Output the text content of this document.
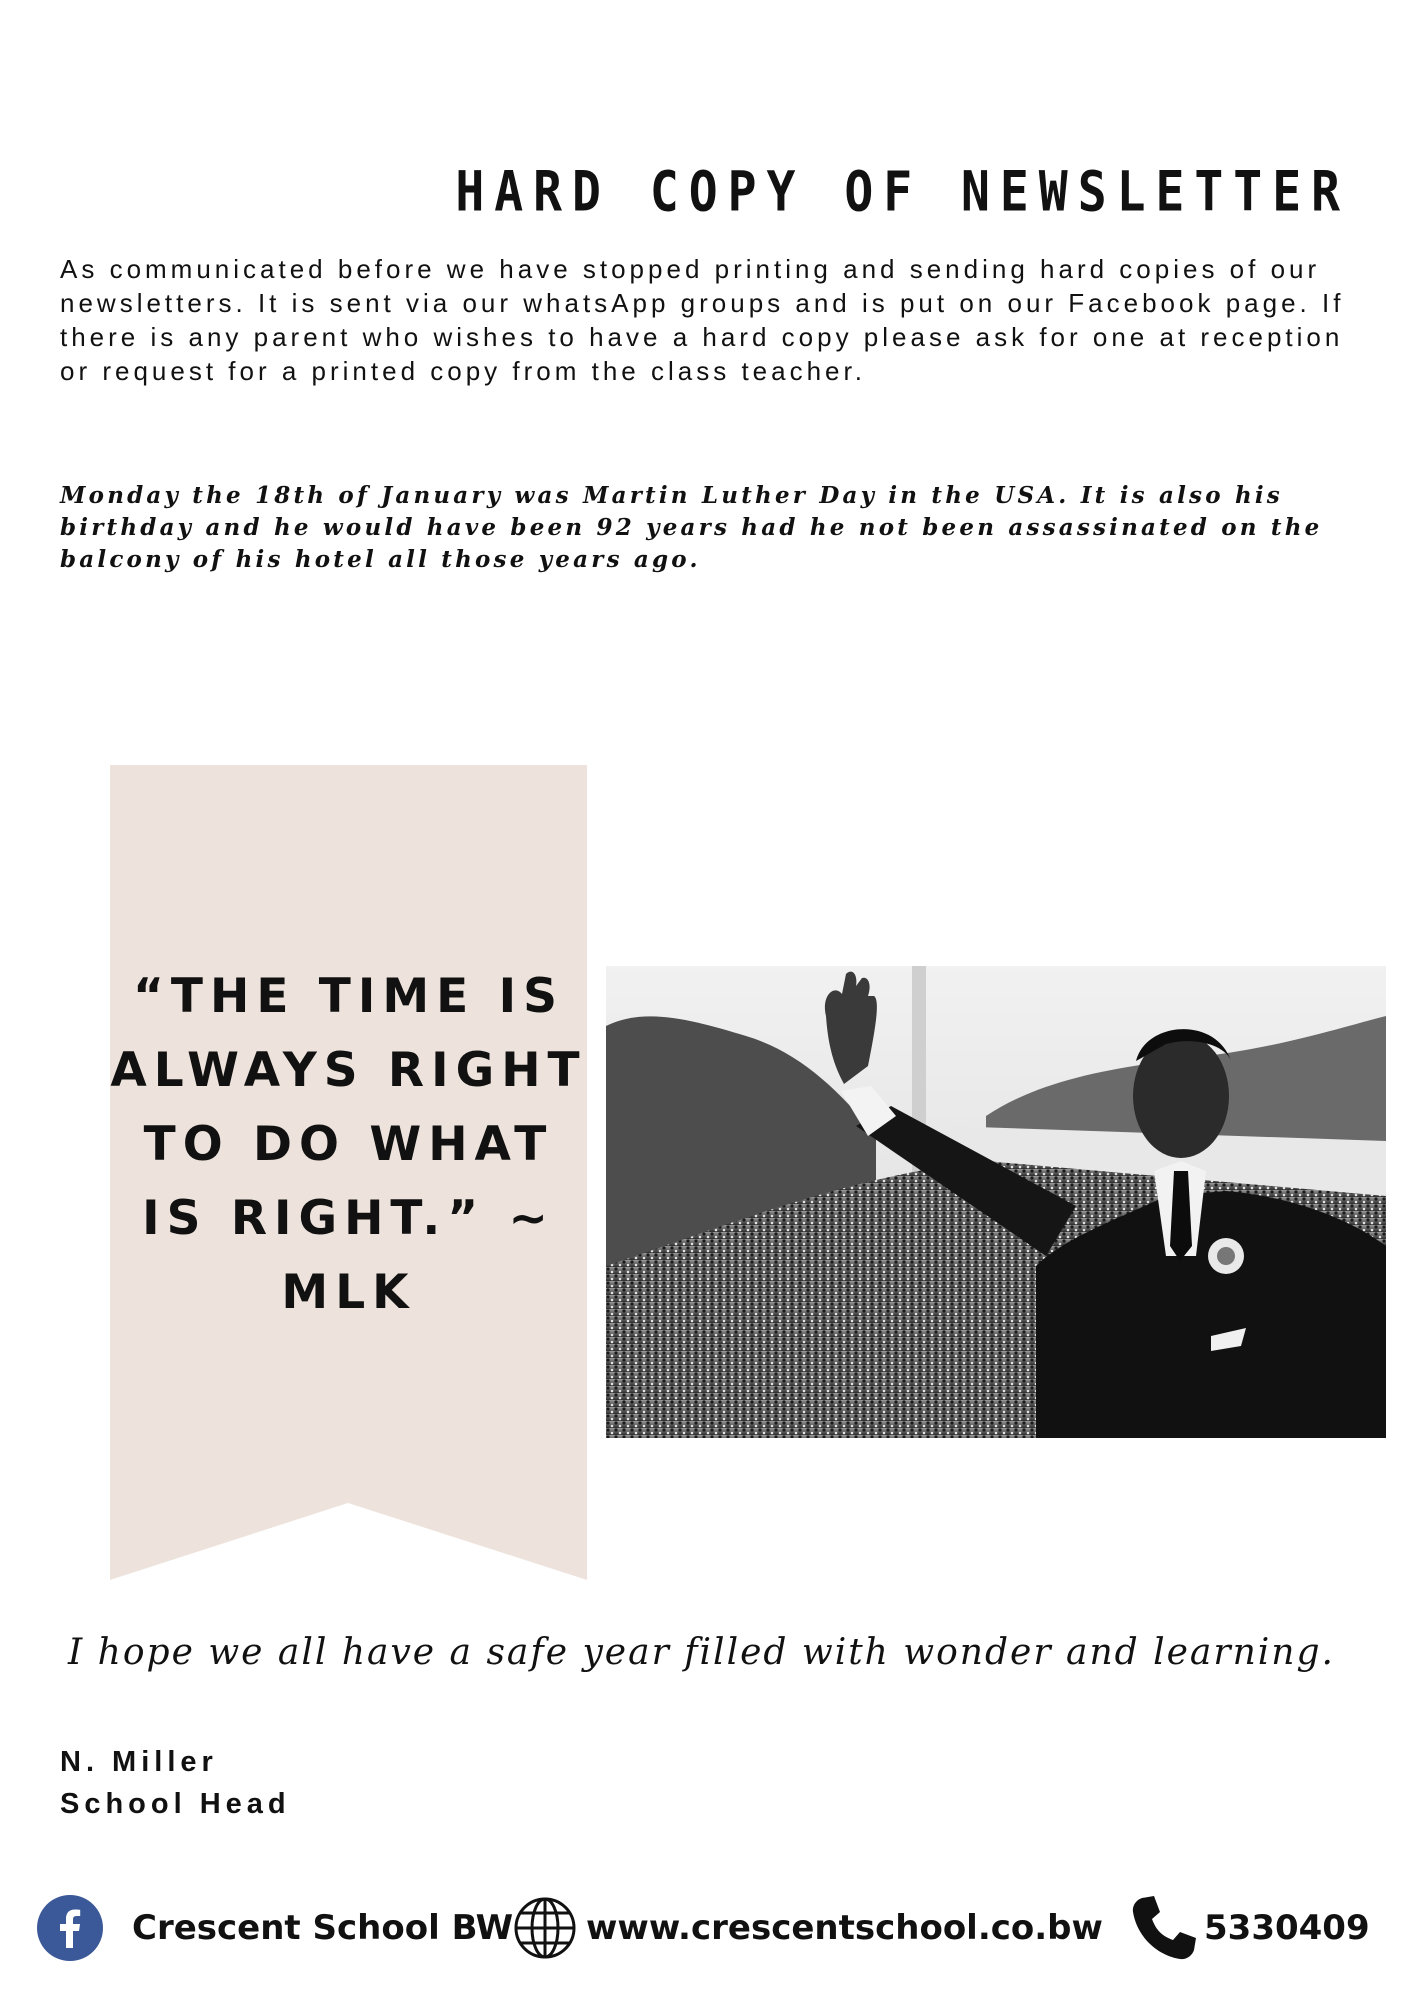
HARD COPY OF NEWSLETTER

As communicated before we have stopped printing and sending hard copies of our newsletters. It is sent via our whatsApp groups and is put on our Facebook page. If there is any parent who wishes to have a hard copy please ask for one at reception or request for a printed copy from the class teacher.

Monday the 18th of January was Martin Luther Day in the USA. It is also his birthday and he would have been 92 years had he not been assassinated on the balcony of his hotel all those years ago.

“THE TIME IS ALWAYS RIGHT TO DO WHAT IS RIGHT.” ~ MLK

I hope we all have a safe year filled with wonder and learning.

N. Miller

School Head

Crescent School BW www.crescentschool.co.bw	5330409
